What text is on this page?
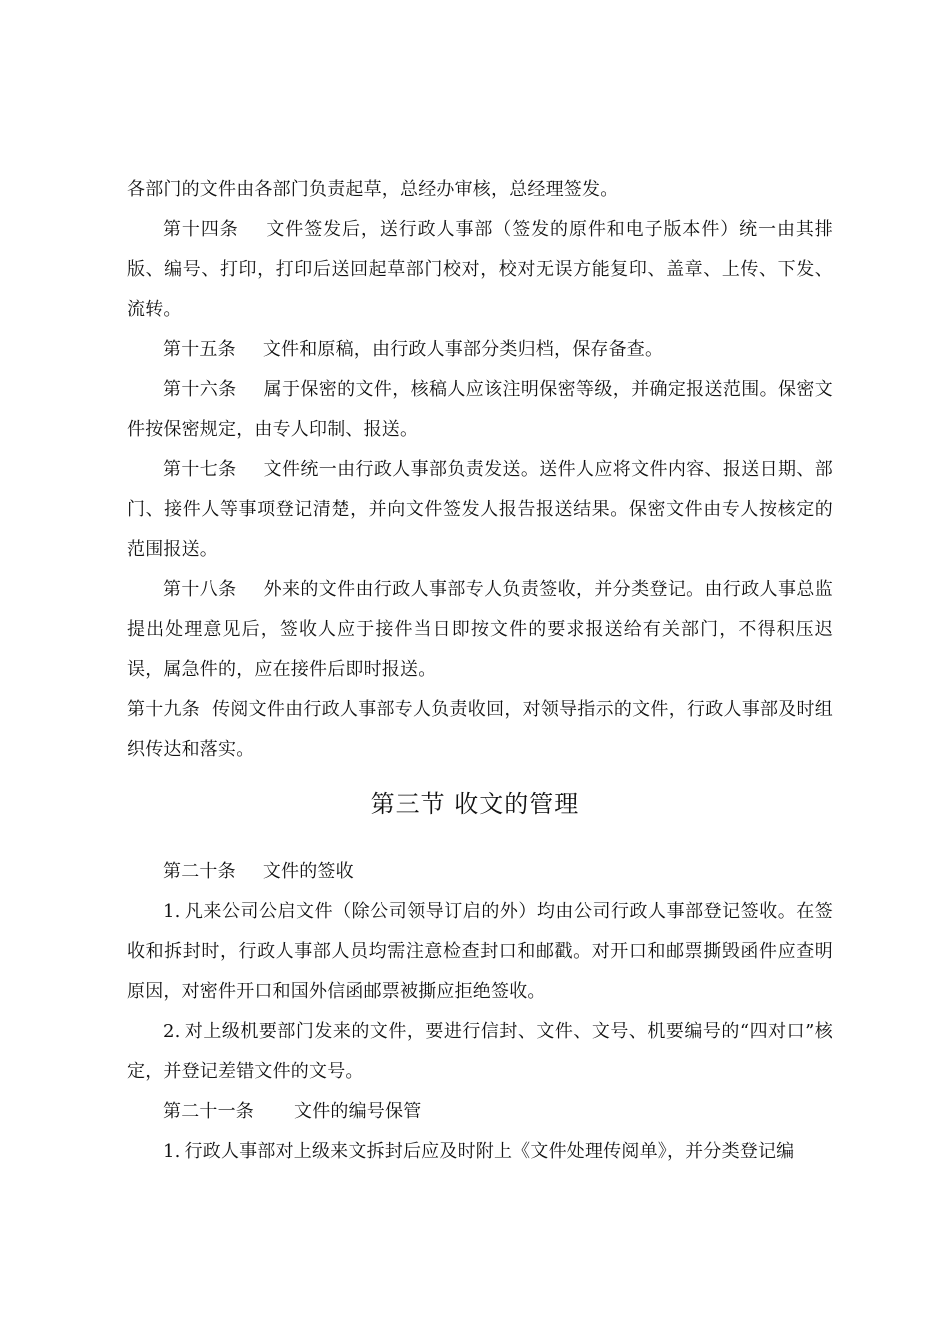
各部门的文件由各部门负责起草，总经办审核，总经理签发。

第十四条 文件签发后，送行政人事部（签发的原件和电子版本件）统一由其排版、编号、打印，打印后送回起草部门校对，校对无误方能复印、盖章、上传、下发、流转。

第十五条 文件和原稿，由行政人事部分类归档，保存备查。

第十六条 属于保密的文件，核稿人应该注明保密等级，并确定报送范围。保密文件按保密规定，由专人印制、报送。

第十七条 文件统一由行政人事部负责发送。送件人应将文件内容、报送日期、部门、接件人等事项登记清楚，并向文件签发人报告报送结果。保密文件由专人按核定的范围报送。

第十八条 外来的文件由行政人事部专人负责签收，并分类登记。由行政人事总监提出处理意见后，签收人应于接件当日即按文件的要求报送给有关部门，不得积压迟误，属急件的，应在接件后即时报送。

第十九条 传阅文件由行政人事部专人负责收回，对领导指示的文件，行政人事部及时组织传达和落实。

第三节 收文的管理

第二十条 文件的签收

1. 凡来公司公启文件（除公司领导订启的外）均由公司行政人事部登记签收。在签收和拆封时，行政人事部人员均需注意检查封口和邮戳。对开口和邮票撕毁函件应查明原因，对密件开口和国外信函邮票被撕应拒绝签收。

2. 对上级机要部门发来的文件，要进行信封、文件、文号、机要编号的“四对口”核定，并登记差错文件的文号。

第二十一条 文件的编号保管

1. 行政人事部对上级来文拆封后应及时附上《文件处理传阅单》，并分类登记编
